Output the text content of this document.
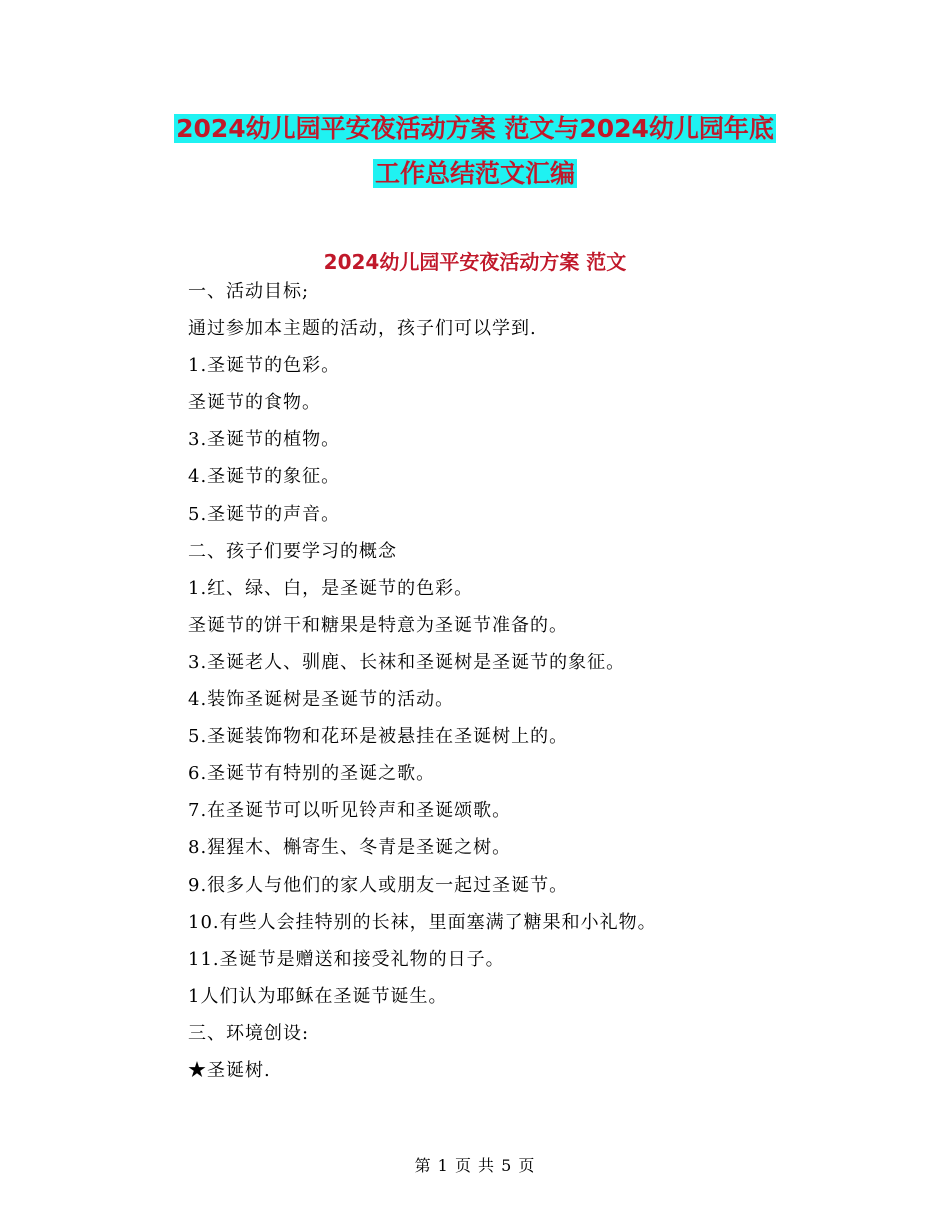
2024幼儿园平安夜活动方案 范文与2024幼儿园年底
工作总结范文汇编
2024幼儿园平安夜活动方案 范文
一、活动目标;
通过参加本主题的活动，孩子们可以学到.
1.圣诞节的色彩。
圣诞节的食物。
3.圣诞节的植物。
4.圣诞节的象征。
5.圣诞节的声音。
二、孩子们要学习的概念
1.红、绿、白，是圣诞节的色彩。
圣诞节的饼干和糖果是特意为圣诞节准备的。
3.圣诞老人、驯鹿、长袜和圣诞树是圣诞节的象征。
4.装饰圣诞树是圣诞节的活动。
5.圣诞装饰物和花环是被悬挂在圣诞树上的。
6.圣诞节有特别的圣诞之歌。
7.在圣诞节可以听见铃声和圣诞颂歌。
8.猩猩木、槲寄生、冬青是圣诞之树。
9.很多人与他们的家人或朋友一起过圣诞节。
10.有些人会挂特别的长袜，里面塞满了糖果和小礼物。
11.圣诞节是赠送和接受礼物的日子。
1人们认为耶稣在圣诞节诞生。
三、环境创设:
★圣诞树.
第 1 页 共 5 页
